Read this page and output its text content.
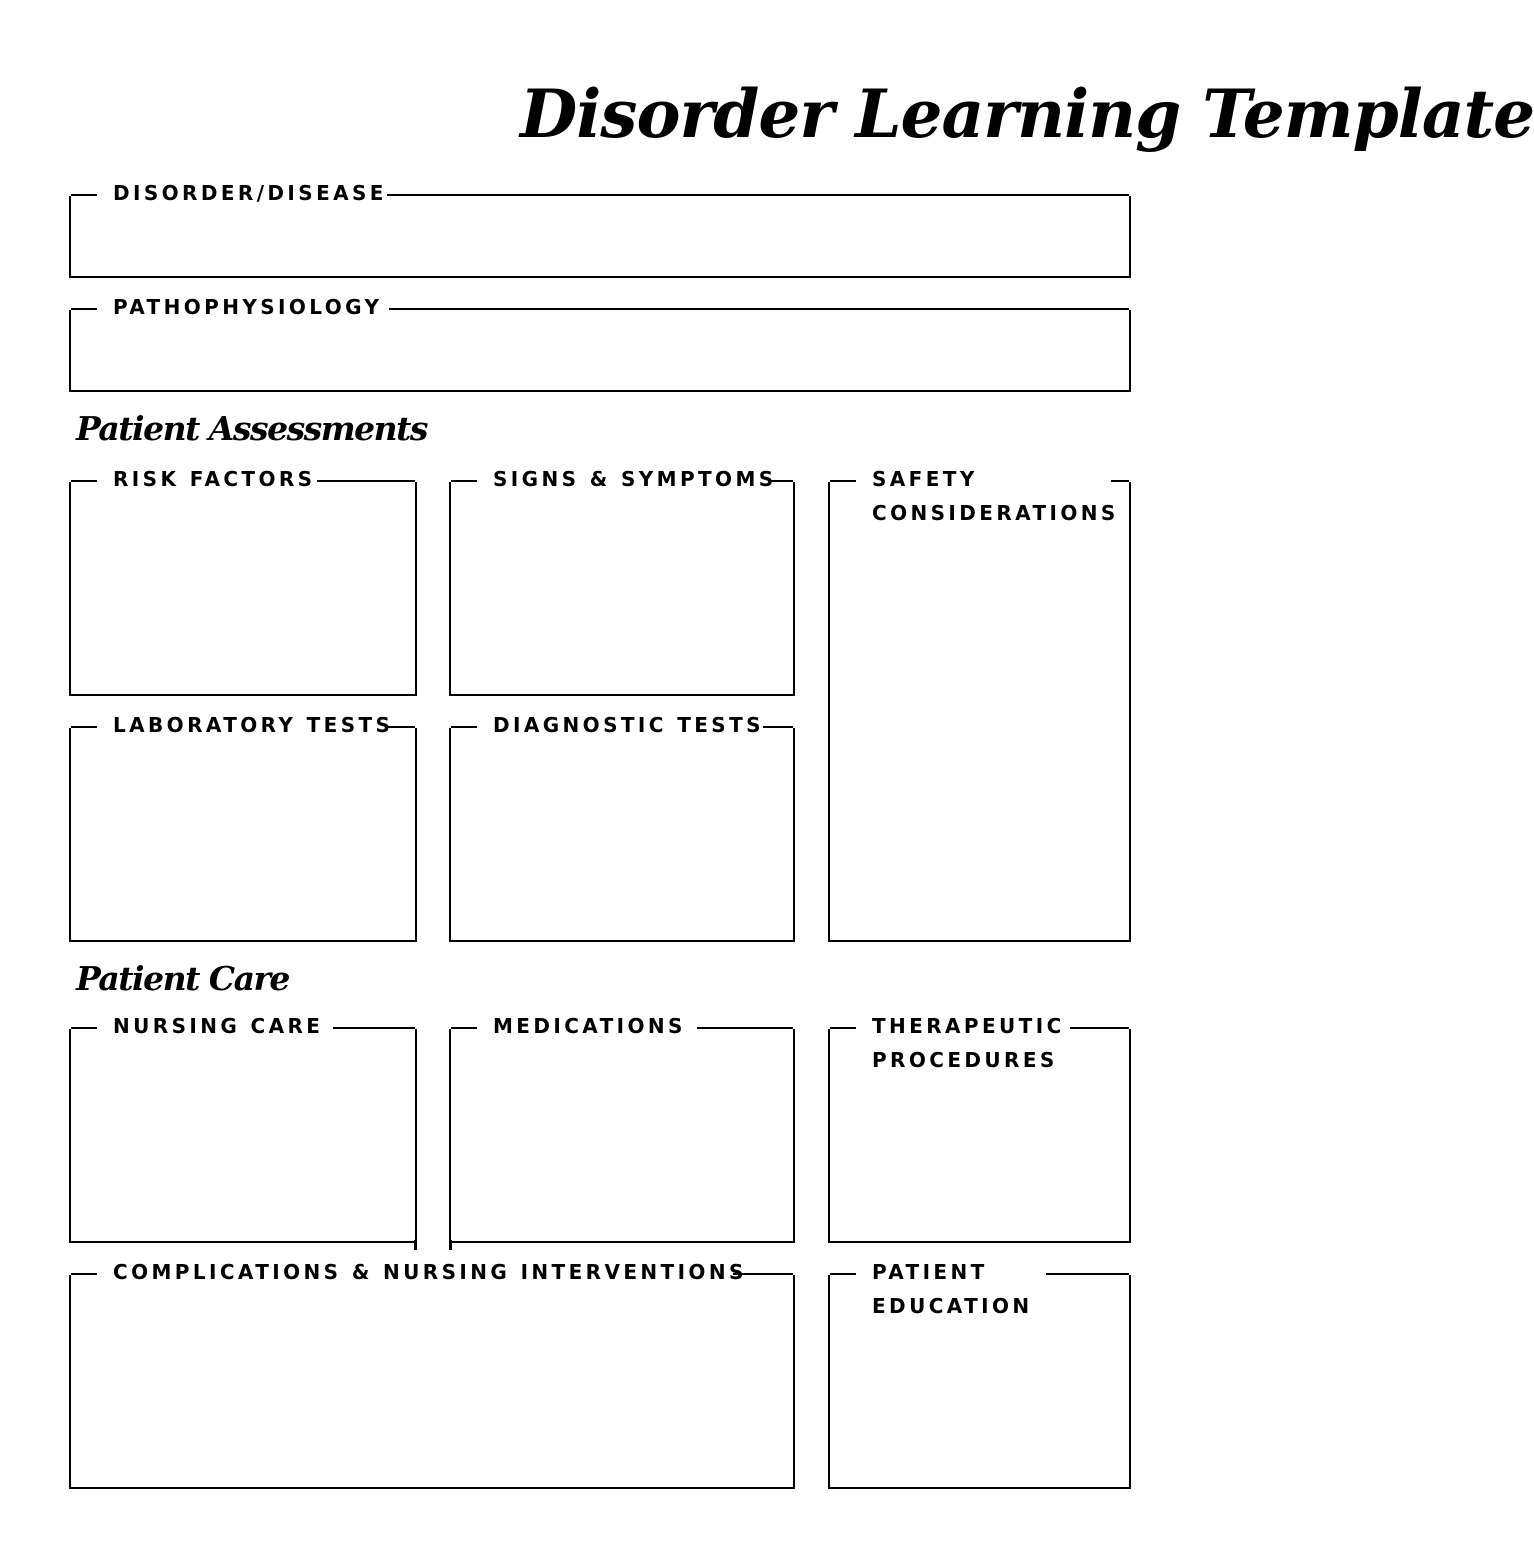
Disorder Learning Template
DISORDER/DISEASE
PATHOPHYSIOLOGY
Patient Assessments
RISK FACTORS	SIGNS & SYMPTOMS	SAFETY
CONSIDERATIONS
LABORATORY TESTS	DIAGNOSTIC TESTS
Patient Care
NURSING CARE	MEDICATIONS	THERAPEUTIC
PROCEDURES
COMPLICATIONS & NURSING INTERVENTIONS	PATIENT
EDUCATION
